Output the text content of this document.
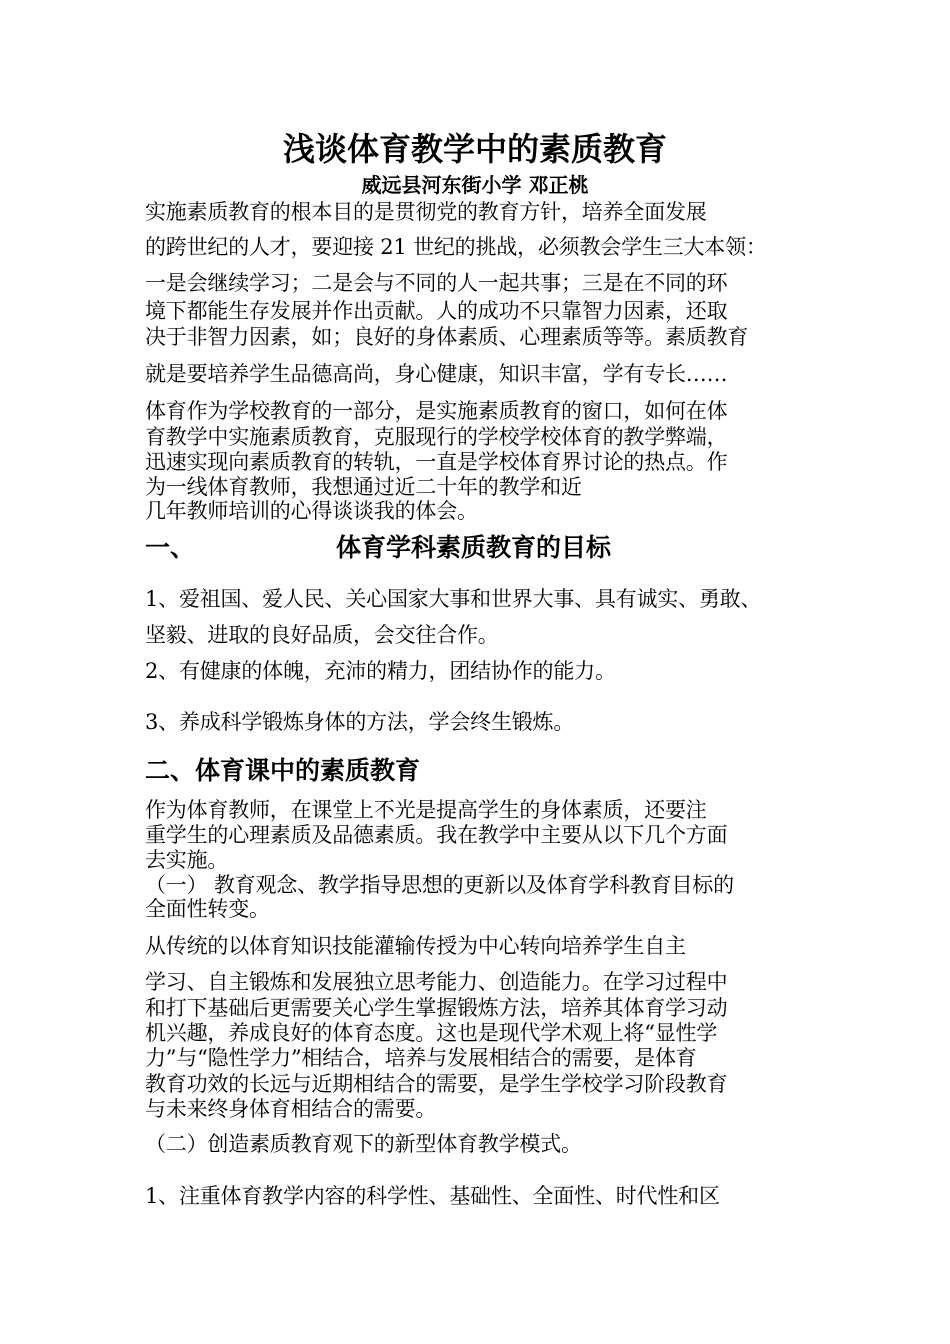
浅谈体育教学中的素质教育
威远县河东街小学 邓正桃
实施素质教育的根本目的是贯彻党的教育方针，培养全面发展
的跨世纪的人才，要迎接 21 世纪的挑战，必须教会学生三大本领：
一是会继续学习；二是会与不同的人一起共事；三是在不同的环
境下都能生存发展并作出贡献。人的成功不只靠智力因素，还取
决于非智力因素，如；良好的身体素质、心理素质等等。素质教育
就是要培养学生品德高尚，身心健康，知识丰富，学有专长……
体育作为学校教育的一部分，是实施素质教育的窗口，如何在体
育教学中实施素质教育，克服现行的学校学校体育的教学弊端，
迅速实现向素质教育的转轨，一直是学校体育界讨论的热点。作
为一线体育教师，我想通过近二十年的教学和近
几年教师培训的心得谈谈我的体会。
一、	体育学科素质教育的目标
1、爱祖国、爱人民、关心国家大事和世界大事、具有诚实、勇敢、
坚毅、进取的良好品质，会交往合作。
2、有健康的体魄，充沛的精力，团结协作的能力。
3、养成科学锻炼身体的方法，学会终生锻炼。
二、体育课中的素质教育
作为体育教师，在课堂上不光是提高学生的身体素质，还要注
重学生的心理素质及品德素质。我在教学中主要从以下几个方面
去实施。
（一） 教育观念、教学指导思想的更新以及体育学科教育目标的
全面性转变。
从传统的以体育知识技能灌输传授为中心转向培养学生自主
学习、自主锻炼和发展独立思考能力、创造能力。在学习过程中
和打下基础后更需要关心学生掌握锻炼方法，培养其体育学习动
机兴趣，养成良好的体育态度。这也是现代学术观上将“显性学
力”与“隐性学力”相结合，培养与发展相结合的需要，是体育
教育功效的长远与近期相结合的需要，是学生学校学习阶段教育
与未来终身体育相结合的需要。
（二）创造素质教育观下的新型体育教学模式。
1、注重体育教学内容的科学性、基础性、全面性、时代性和区
